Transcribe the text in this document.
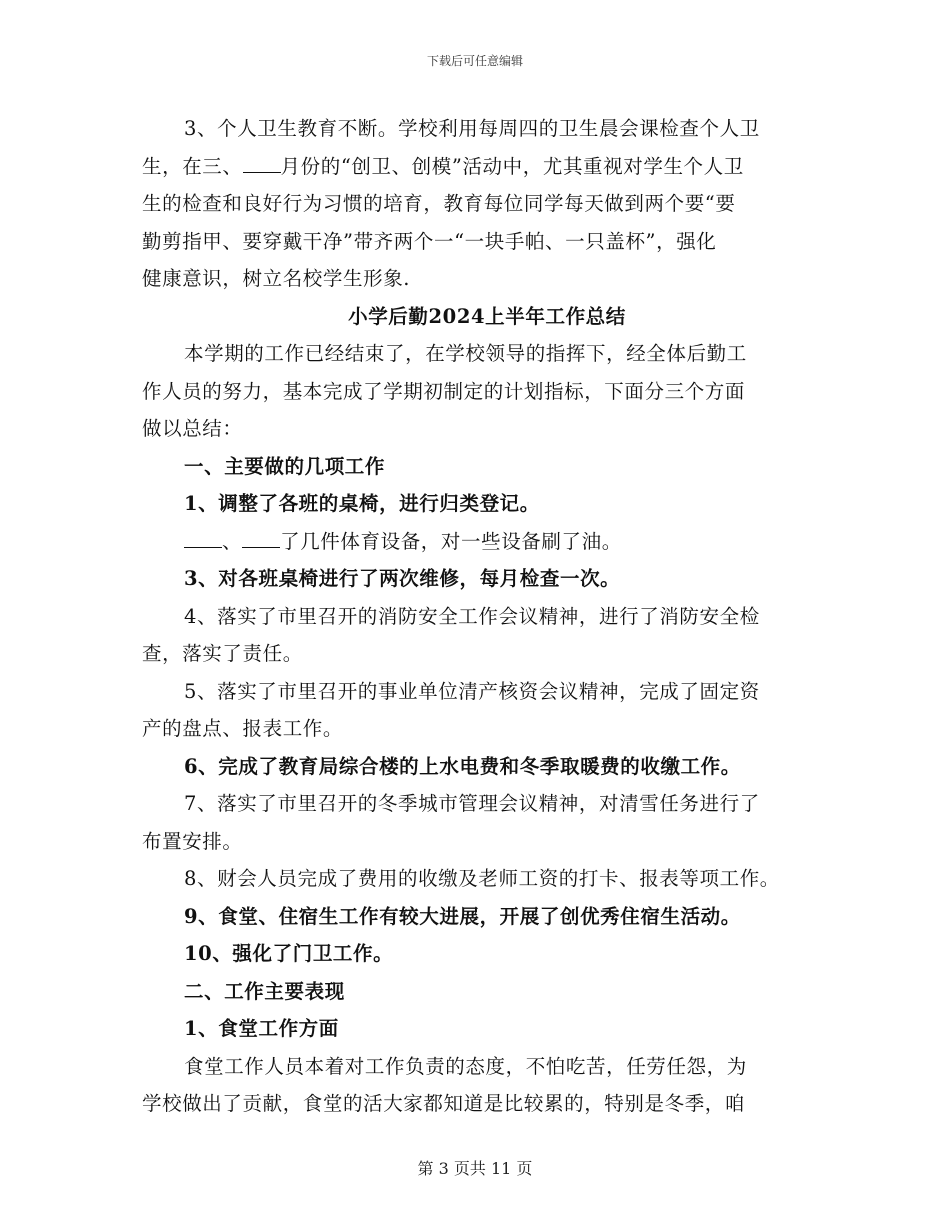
下载后可任意编辑

3、个人卫生教育不断。学校利用每周四的卫生晨会课检查个人卫

生，在三、 月份的“创卫、创模”活动中，尤其重视对学生个人卫

生的检查和良好行为习惯的培育，教育每位同学每天做到两个要“要

勤剪指甲、要穿戴干净”带齐两个一“一块手帕、一只盖杯”，强化

健康意识，树立名校学生形象.

小学后勤2024上半年工作总结

本学期的工作已经结束了，在学校领导的指挥下，经全体后勤工

作人员的努力，基本完成了学期初制定的计划指标，下面分三个方面

做以总结：

一、主要做的几项工作

1、调整了各班的桌椅，进行归类登记。

、 了几件体育设备，对一些设备刷了油。

3、对各班桌椅进行了两次维修，每月检查一次。

4、落实了市里召开的消防安全工作会议精神，进行了消防安全检

查，落实了责任。

5、落实了市里召开的事业单位清产核资会议精神，完成了固定资

产的盘点、报表工作。

6、完成了教育局综合楼的上水电费和冬季取暖费的收缴工作。

7、落实了市里召开的冬季城市管理会议精神，对清雪任务进行了

布置安排。

8、财会人员完成了费用的收缴及老师工资的打卡、报表等项工作。

9、食堂、住宿生工作有较大进展，开展了创优秀住宿生活动。

10、强化了门卫工作。

二、工作主要表现

1、食堂工作方面

食堂工作人员本着对工作负责的态度，不怕吃苦，任劳任怨，为

学校做出了贡献，食堂的活大家都知道是比较累的，特别是冬季，咱

第 3 页共 11 页
